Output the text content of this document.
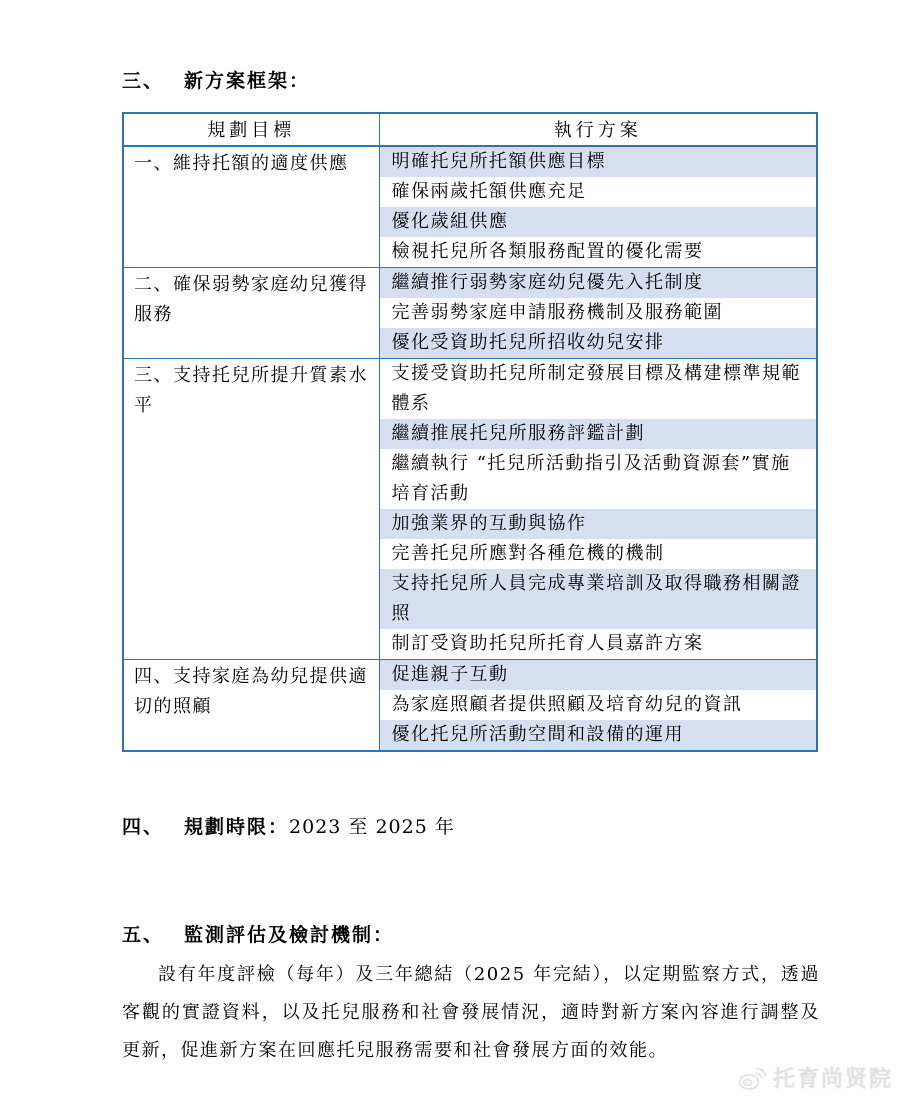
三、 新方案框架：
規劃目標	執行方案
一、維持托額的適度供應	明確托兒所托額供應目標
	確保兩歲托額供應充足
	優化歲組供應
	檢視托兒所各類服務配置的優化需要
二、確保弱勢家庭幼兒獲得服務	繼續推行弱勢家庭幼兒優先入托制度
	完善弱勢家庭申請服務機制及服務範圍
	優化受資助托兒所招收幼兒安排
三、支持托兒所提升質素水平	支援受資助托兒所制定發展目標及構建標準規範體系
	繼續推展托兒所服務評鑑計劃
	繼續執行 “托兒所活動指引及活動資源套”實施培育活動
	加強業界的互動與協作
	完善托兒所應對各種危機的機制
	支持托兒所人員完成專業培訓及取得職務相關證照
	制訂受資助托兒所托育人員嘉許方案
四、支持家庭為幼兒提供適切的照顧	促進親子互動
	為家庭照顧者提供照顧及培育幼兒的資訊
	優化托兒所活動空間和設備的運用
四、 規劃時限：2023 至 2025 年
五、 監測評估及檢討機制：
設有年度評檢（每年）及三年總結（2025 年完結），以定期監察方式，透過客觀的實證資料，以及托兒服務和社會發展情況，適時對新方案內容進行調整及更新，促進新方案在回應托兒服務需要和社會發展方面的效能。
托育尚贤院
